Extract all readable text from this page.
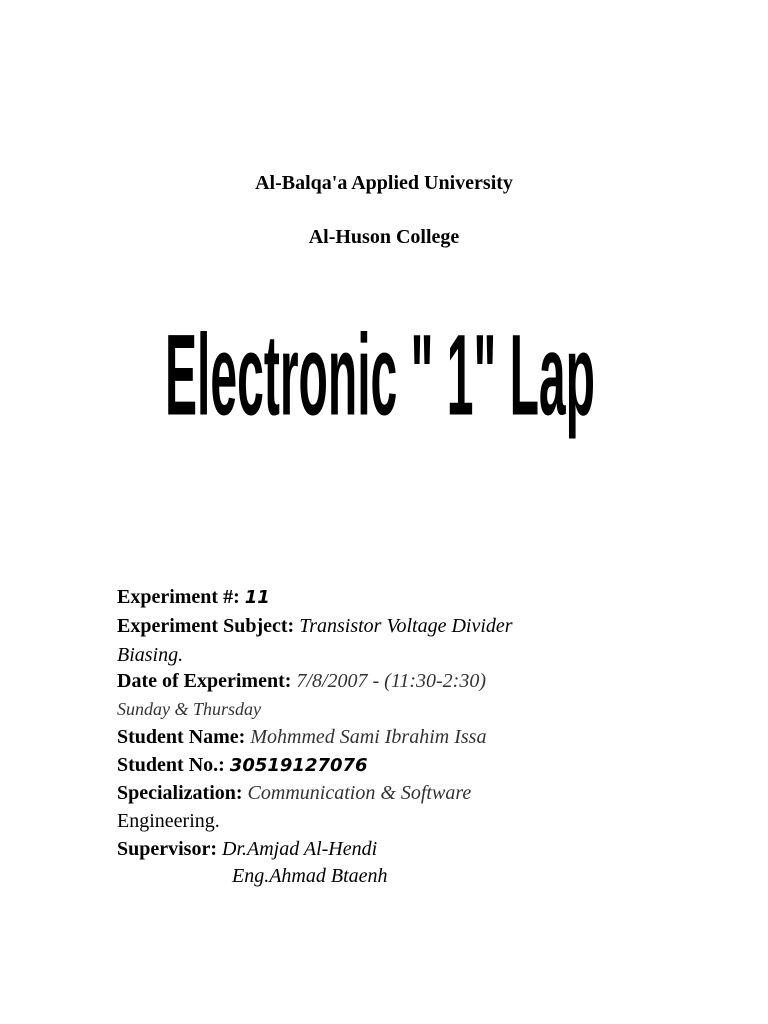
Al-Balqa'a Applied University
Al-Huson College
Electronic " 1" Lap
Experiment #: 11
Experiment Subject: Transistor Voltage Divider
Biasing.
Date of Experiment: 7/8/2007 - (11:30-2:30)
Sunday & Thursday
Student Name: Mohmmed Sami Ibrahim Issa
Student No.: 30519127076
Specialization: Communication & Software
Engineering.
Supervisor: Dr.Amjad Al-Hendi
Eng.Ahmad Btaenh
